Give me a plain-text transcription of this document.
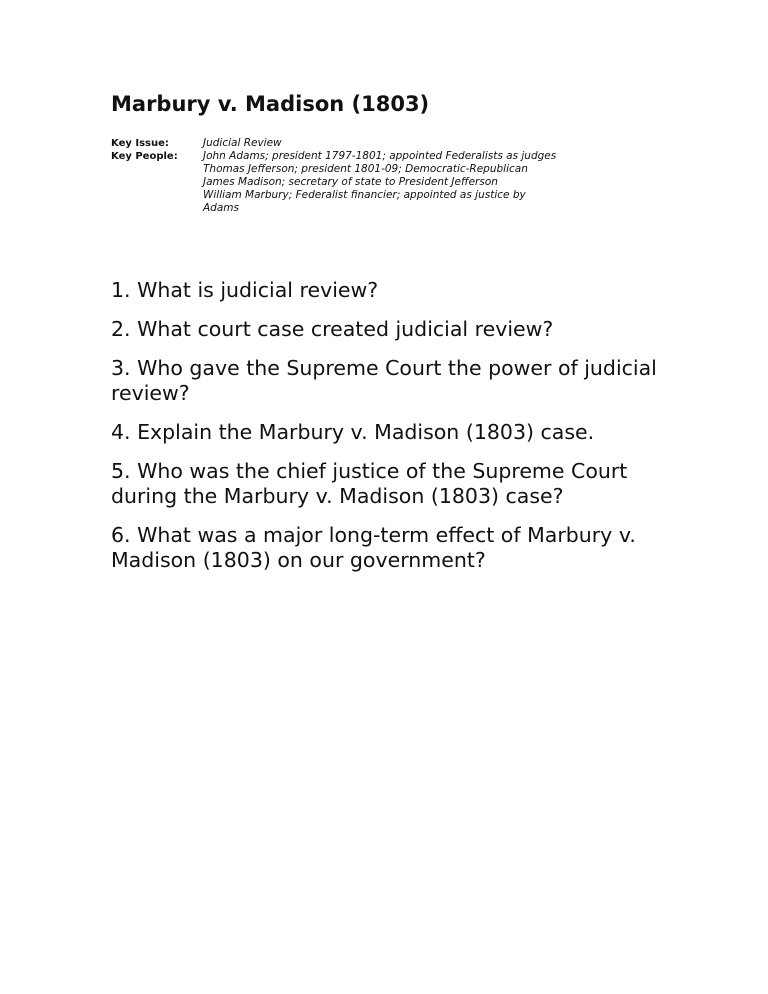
Marbury v. Madison (1803)
Key Issue:	Judicial Review
Key People:	John Adams; president 1797-1801; appointed Federalists as judges
Thomas Jefferson; president 1801-09; Democratic-Republican
James Madison; secretary of state to President Jefferson
William Marbury; Federalist financier; appointed as justice by
Adams

1. What is judicial review?

2. What court case created judicial review?

3. Who gave the Supreme Court the power of judicial review?

4. Explain the Marbury v. Madison (1803) case.

5. Who was the chief justice of the Supreme Court during the Marbury v. Madison (1803) case?

6. What was a major long-term effect of Marbury v. Madison (1803) on our government?
